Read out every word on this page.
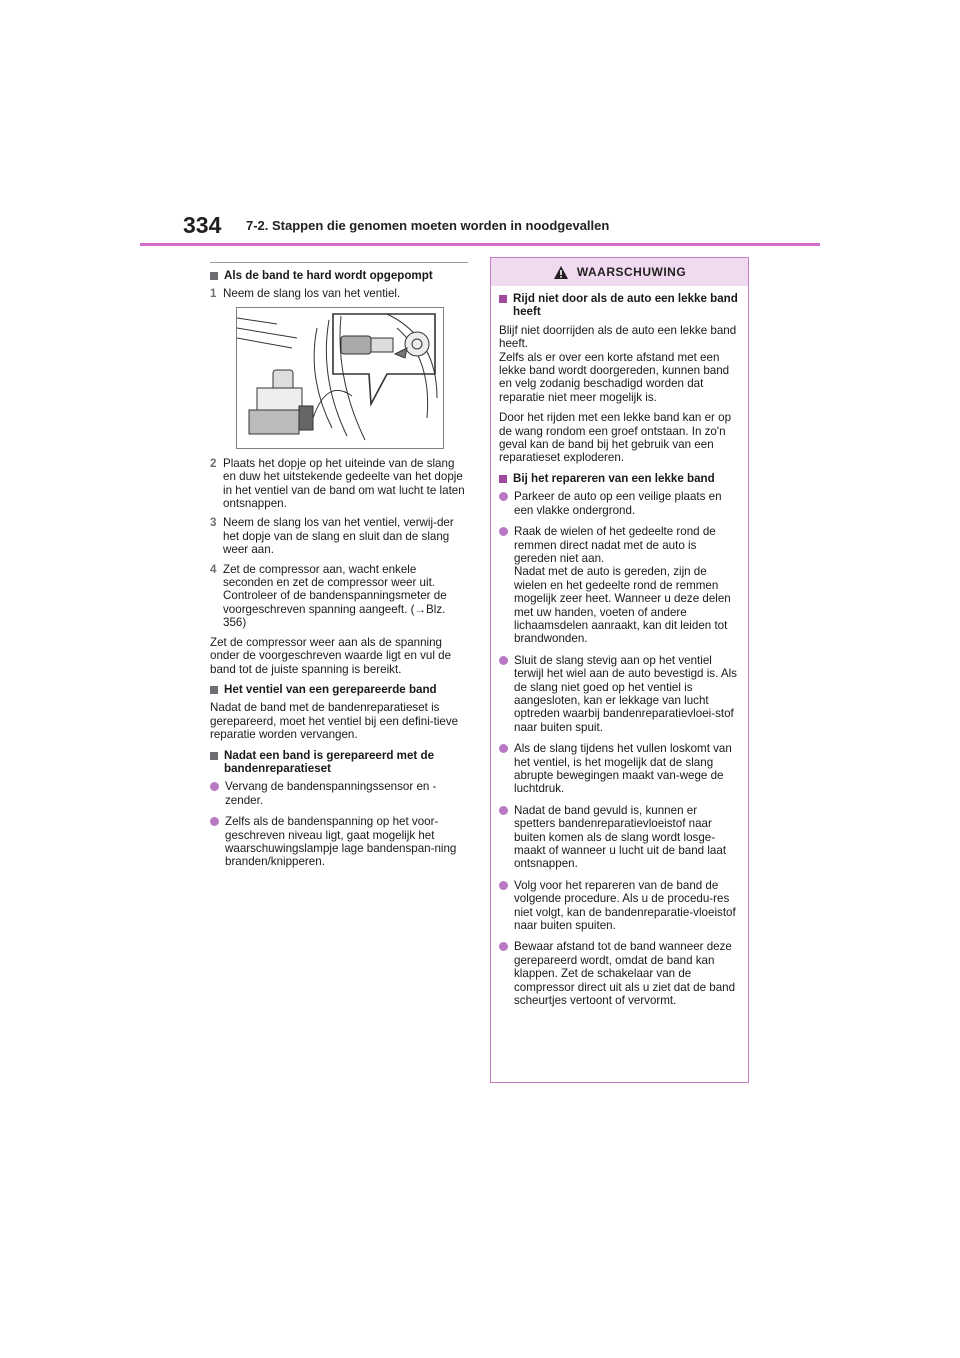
334 7-2. Stappen die genomen moeten worden in noodgevallen
Als de band te hard wordt opgepompt
1 Neem de slang los van het ventiel.
2 Plaats het dopje op het uiteinde van de slang en duw het uitstekende gedeelte van het dopje in het ventiel van de band om wat lucht te laten ontsnappen.
3 Neem de slang los van het ventiel, verwij-der het dopje van de slang en sluit dan de slang weer aan.
4 Zet de compressor aan, wacht enkele seconden en zet de compressor weer uit. Controleer of de bandenspanningsmeter de voorgeschreven spanning aangeeft. (→Blz. 356)

Zet de compressor weer aan als de spanning onder de voorgeschreven waarde ligt en vul de band tot de juiste spanning is bereikt.

Het ventiel van een gerepareerde band

Nadat de band met de bandenreparatieset is gerepareerd, moet het ventiel bij een defini-tieve reparatie worden vervangen.

Nadat een band is gerepareerd met de bandenreparatieset
Vervang de bandenspanningssensor en -zender.
Zelfs als de bandenspanning op het voor-geschreven niveau ligt, gaat mogelijk het waarschuwingslampje lage bandenspan-ning branden/knipperen.
WAARSCHUWING
Rijd niet door als de auto een lekke band heeft

Blijf niet doorrijden als de auto een lekke band heeft.

Zelfs als er over een korte afstand met een lekke band wordt doorgereden, kunnen band en velg zodanig beschadigd worden dat reparatie niet meer mogelijk is.

Door het rijden met een lekke band kan er op de wang rondom een groef ontstaan. In zo'n geval kan de band bij het gebruik van een reparatieset exploderen.

Bij het repareren van een lekke band
Parkeer de auto op een veilige plaats en een vlakke ondergrond.
Raak de wielen of het gedeelte rond de remmen direct nadat met de auto is gereden niet aan.
Nadat met de auto is gereden, zijn de wielen en het gedeelte rond de remmen mogelijk zeer heet. Wanneer u deze delen met uw handen, voeten of andere lichaamsdelen aanraakt, kan dit leiden tot brandwonden.
Sluit de slang stevig aan op het ventiel terwijl het wiel aan de auto bevestigd is. Als de slang niet goed op het ventiel is aangesloten, kan er lekkage van lucht optreden waarbij bandenreparatievloei-stof naar buiten spuit.
Als de slang tijdens het vullen loskomt van het ventiel, is het mogelijk dat de slang abrupte bewegingen maakt van-wege de luchtdruk.
Nadat de band gevuld is, kunnen er spetters bandenreparatievloeistof naar buiten komen als de slang wordt losge-maakt of wanneer u lucht uit de band laat ontsnappen.
Volg voor het repareren van de band de volgende procedure. Als u de procedu-res niet volgt, kan de bandenreparatie-vloeistof naar buiten spuiten.
Bewaar afstand tot de band wanneer deze gerepareerd wordt, omdat de band kan klappen. Zet de schakelaar van de compressor direct uit als u ziet dat de band scheurtjes vertoont of vervormt.
